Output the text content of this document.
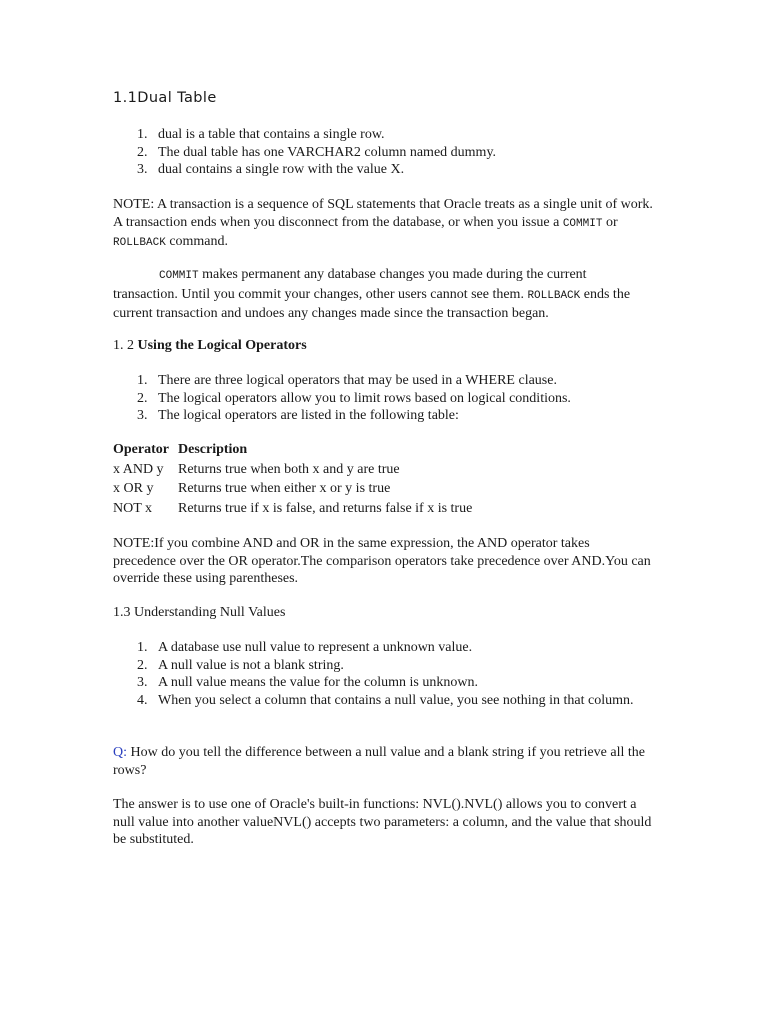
1.1Dual Table
1. dual is a table that contains a single row.
2. The dual table has one VARCHAR2 column named dummy.
3. dual contains a single row with the value X.

NOTE: A transaction is a sequence of SQL statements that Oracle treats as a single unit of work. A transaction ends when you disconnect from the database, or when you issue a COMMIT or ROLLBACK command.

COMMIT makes permanent any database changes you made during the current transaction. Until you commit your changes, other users cannot see them. ROLLBACK ends the current transaction and undoes any changes made since the transaction began.

1. 2 Using the Logical Operators
1. There are three logical operators that may be used in a WHERE clause.
2. The logical operators allow you to limit rows based on logical conditions.
3. The logical operators are listed in the following table:
Operator	Description
x AND y	Returns true when both x and y are true
x OR y	Returns true when either x or y is true
NOT x	Returns true if x is false, and returns false if x is true

NOTE:If you combine AND and OR in the same expression, the AND operator takes precedence over the OR operator.The comparison operators take precedence over AND.You can override these using parentheses.

1.3 Understanding Null Values
1. A database use null value to represent a unknown value.
2. A null value is not a blank string.
3. A null value means the value for the column is unknown.
4. When you select a column that contains a null value, you see nothing in that column.

Q: How do you tell the difference between a null value and a blank string if you retrieve all the rows?

The answer is to use one of Oracle's built-in functions: NVL().NVL() allows you to convert a null value into another valueNVL() accepts two parameters: a column, and the value that should be substituted.
